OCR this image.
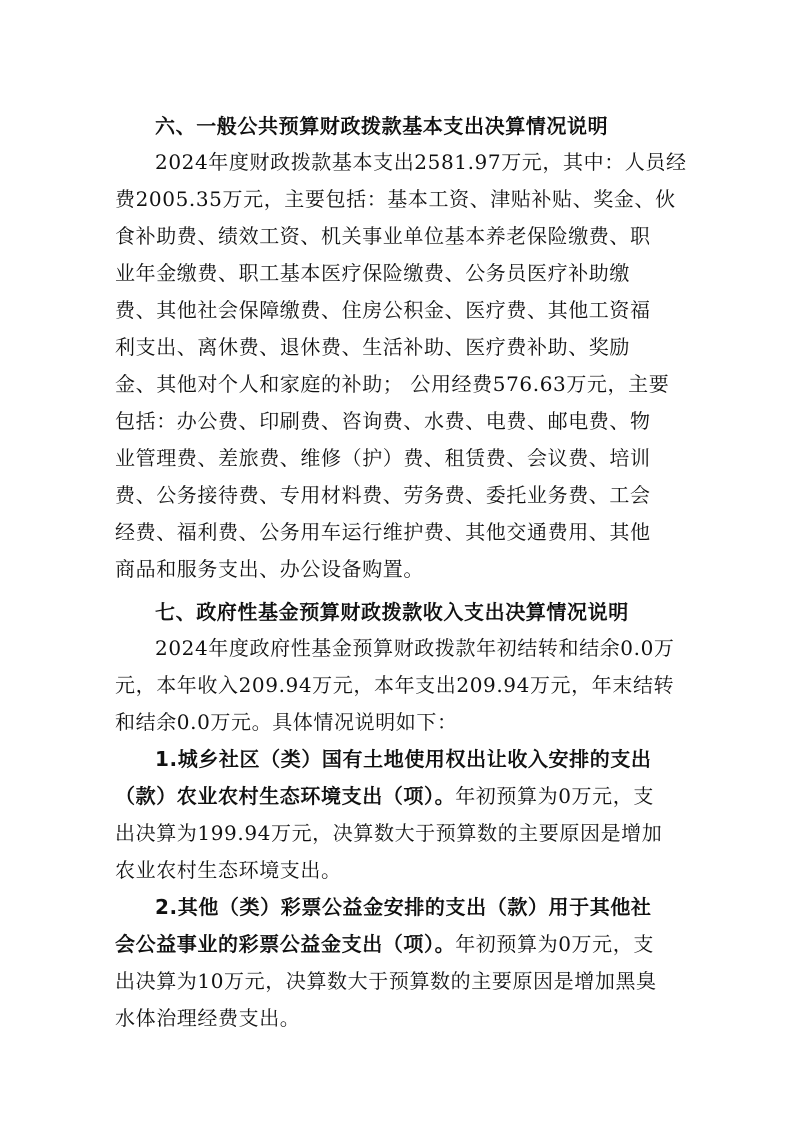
六、一般公共预算财政拨款基本支出决算情况说明
2024年度财政拨款基本支出2581.97万元，其中：人员经
费2005.35万元，主要包括：基本工资、津贴补贴、奖金、伙
食补助费、绩效工资、机关事业单位基本养老保险缴费、职
业年金缴费、职工基本医疗保险缴费、公务员医疗补助缴
费、其他社会保障缴费、住房公积金、医疗费、其他工资福
利支出、离休费、退休费、生活补助、医疗费补助、奖励
金、其他对个人和家庭的补助； 公用经费576.63万元，主要
包括：办公费、印刷费、咨询费、水费、电费、邮电费、物
业管理费、差旅费、维修（护）费、租赁费、会议费、培训
费、公务接待费、专用材料费、劳务费、委托业务费、工会
经费、福利费、公务用车运行维护费、其他交通费用、其他
商品和服务支出、办公设备购置。
七、政府性基金预算财政拨款收入支出决算情况说明
2024年度政府性基金预算财政拨款年初结转和结余0.0万
元，本年收入209.94万元，本年支出209.94万元，年末结转
和结余0.0万元。具体情况说明如下：
1.城乡社区（类）国有土地使用权出让收入安排的支出
（款）农业农村生态环境支出（项）。年初预算为0万元，支
出决算为199.94万元，决算数大于预算数的主要原因是增加
农业农村生态环境支出。
2.其他（类）彩票公益金安排的支出（款）用于其他社
会公益事业的彩票公益金支出（项）。年初预算为0万元，支
出决算为10万元，决算数大于预算数的主要原因是增加黑臭
水体治理经费支出。
